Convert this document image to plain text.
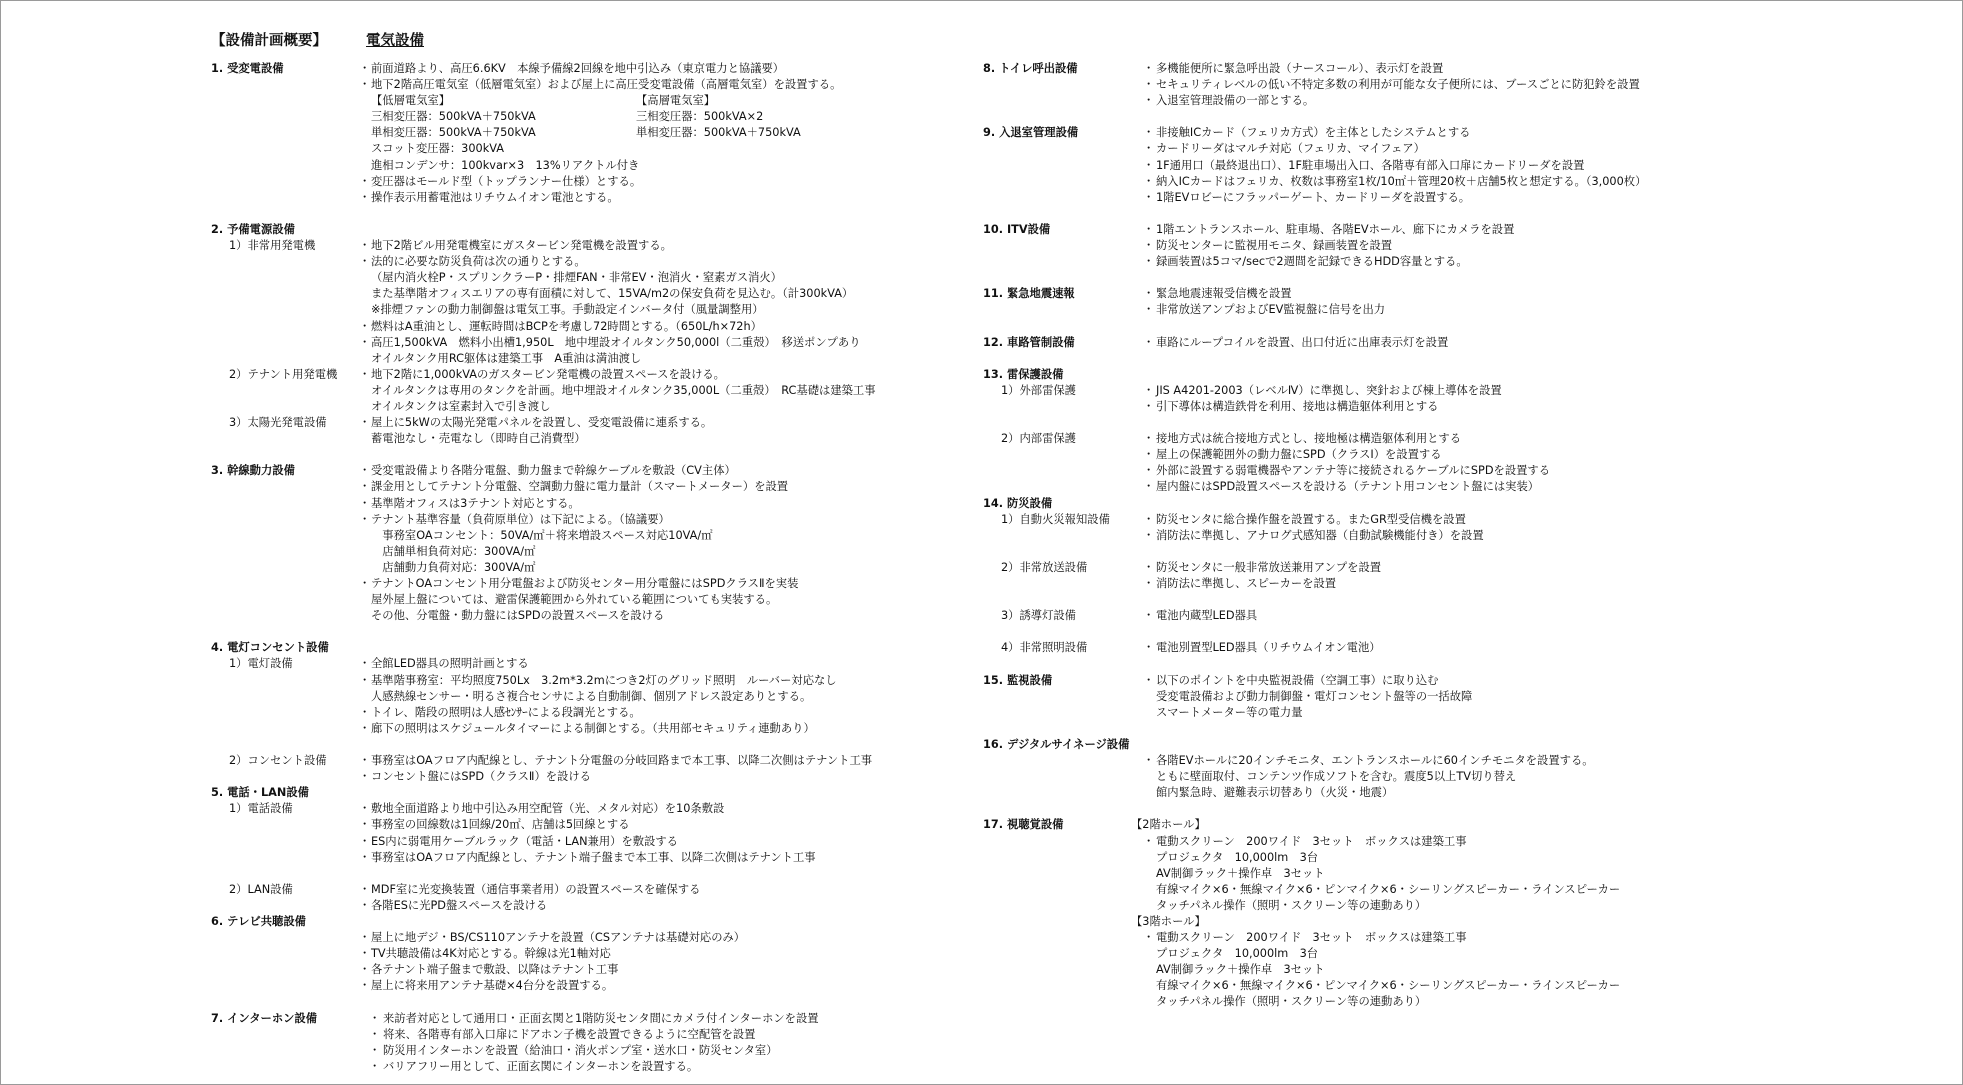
【設備計画概要】	電気設備
1. 受変電設備	・ 前面道路より、高圧6.6KV　本線予備線2回線を地中引込み（東京電力と協議要）
・ 地下2階高圧電気室（低層電気室）および屋上に高圧受変電設備（高層電気室）を設置する。
【低層電気室】	【高層電気室】
三相変圧器：500kVA＋750kVA	三相変圧器：500kVA×2
単相変圧器：500kVA＋750kVA	単相変圧器：500kVA＋750kVA
スコット変圧器：300kVA
進相コンデンサ：100kvar×3　13%リアクトル付き
・ 変圧器はモールド型（トップランナー仕様）とする。
・ 操作表示用蓄電池はリチウムイオン電池とする。
2. 予備電源設備
1）非常用発電機	・ 地下2階ビル用発電機室にガスタービン発電機を設置する。
・ 法的に必要な防災負荷は次の通りとする。
（屋内消火栓P・スプリンクラーP・排煙FAN・非常EV・泡消火・窒素ガス消火）
また基準階オフィスエリアの専有面積に対して、15VA/m2の保安負荷を見込む。（計300kVA）
※排煙ファンの動力制御盤は電気工事。手動設定インバータ付（風量調整用）
・ 燃料はA重油とし、運転時間はBCPを考慮し72時間とする。（650L/h×72h）
・ 高圧1,500kVA　燃料小出槽1,950L　地中埋設オイルタンク50,000l（二重殻）　移送ポンプあり
オイルタンク用RC躯体は建築工事　A重油は満油渡し
2）テナント用発電機 ・ 地下2階に1,000kVAのガスタービン発電機の設置スペースを設ける。
オイルタンクは専用のタンクを計画。地中埋設オイルタンク35,000L（二重殻）　RC基礎は建築工事
オイルタンクは室素封入で引き渡し
3）太陽光発電設備	・ 屋上に5kWの太陽光発電パネルを設置し、受変電設備に連系する。
蓄電池なし・売電なし（即時自己消費型）
3. 幹線動力設備	・ 受変電設備より各階分電盤、動力盤まで幹線ケーブルを敷設（CV主体）
・ 課金用としてテナント分電盤、空調動力盤に電力量計（スマートメーター）を設置
・ 基準階オフィスは3テナント対応とする。
・ テナント基準容量（負荷原単位）は下記による。（協議要）
　事務室OAコンセント：50VA/㎡＋将来増設スペース対応10VA/㎡
　店舗単相負荷対応：300VA/㎡
　店舗動力負荷対応：300VA/㎡
・ テナントOAコンセント用分電盤および防災センター用分電盤にはSPDクラスⅡを実装
屋外屋上盤については、避雷保護範囲から外れている範囲についても実装する。
その他、分電盤・動力盤にはSPDの設置スペースを設ける
4. 電灯コンセント設備
1）電灯設備	・ 全館LED器具の照明計画とする
・ 基準階事務室：平均照度750Lx　3.2m*3.2mにつき2灯のグリッド照明　ルーバー対応なし
人感熱線センサー・明るさ複合センサによる自動制御、個別アドレス設定ありとする。
・ トイレ、階段の照明は人感ｾﾝｻｰによる段調光とする。
・ 廊下の照明はスケジュールタイマーによる制御とする。（共用部セキュリティ連動あり）
2）コンセント設備	・ 事務室はOAフロア内配線とし、テナント分電盤の分岐回路まで本工事、以降二次側はテナント工事
・ コンセント盤にはSPD（クラスⅡ）を設ける
5. 電話・LAN設備
1）電話設備	・ 敷地全面道路より地中引込み用空配管（光、メタル対応）を10条敷設
・ 事務室の回線数は1回線/20㎡、店舗は5回線とする
・ ES内に弱電用ケーブルラック（電話・LAN兼用）を敷設する
・ 事務室はOAフロア内配線とし、テナント端子盤まで本工事、以降二次側はテナント工事
2）LAN設備	・ MDF室に光変換装置（通信事業者用）の設置スペースを確保する
・ 各階ESに光PD盤スペースを設ける
6. テレビ共聴設備
・ 屋上に地デジ・BS/CS110アンテナを設置（CSアンテナは基礎対応のみ）
・ TV共聴設備は4K対応とする。幹線は光1軸対応
・ 各テナント端子盤まで敷設、以降はテナント工事
・ 屋上に将来用アンテナ基礎×4台分を設置する。
7. インターホン設備	・ 来訪者対応として通用口・正面玄関と1階防災センタ間にカメラ付インターホンを設置
・ 将来、各階専有部入口扉にドアホン子機を設置できるように空配管を設置
・ 防災用インターホンを設置（給油口・消火ポンプ室・送水口・防災センタ室）
・ バリアフリー用として、正面玄関にインターホンを設置する。
8. トイレ呼出設備	・ 多機能便所に緊急呼出設（ナースコール）、表示灯を設置
・ セキュリティレベルの低い不特定多数の利用が可能な女子便所には、ブースごとに防犯鈴を設置
・ 入退室管理設備の一部とする。
9. 入退室管理設備	・ 非接触ICカード（フェリカ方式）を主体としたシステムとする
・ カードリーダはマルチ対応（フェリカ、マイフェア）
・ 1F通用口（最終退出口）、1F駐車場出入口、各階専有部入口扉にカードリーダを設置
・ 納入ICカードはフェリカ、枚数は事務室1枚/10㎡＋管理20枚＋店舗5枚と想定する。（3,000枚）
・ 1階EVロビーにフラッパーゲート、カードリーダを設置する。
10. ITV設備	・ 1階エントランスホール、駐車場、各階EVホール、廊下にカメラを設置
・ 防災センターに監視用モニタ、録画装置を設置
・ 録画装置は5コマ/secで2週間を記録できるHDD容量とする。
11. 緊急地震速報	・ 緊急地震速報受信機を設置
・ 非常放送アンプおよびEV監視盤に信号を出力
12. 車路管制設備	・ 車路にループコイルを設置、出口付近に出庫表示灯を設置
13. 雷保護設備
1）外部雷保護	・ JIS A4201-2003（レベルⅣ）に準拠し、突針および棟上導体を設置
・ 引下導体は構造鉄骨を利用、接地は構造躯体利用とする
2）内部雷保護	・ 接地方式は統合接地方式とし、接地極は構造躯体利用とする
・ 屋上の保護範囲外の動力盤にSPD（クラスⅠ）を設置する
・ 外部に設置する弱電機器やアンテナ等に接続されるケーブルにSPDを設置する
・ 屋内盤にはSPD設置スペースを設ける（テナント用コンセント盤には実装）
14. 防災設備
1）自動火災報知設備	・ 防災センタに総合操作盤を設置する。またGR型受信機を設置
・ 消防法に準拠し、アナログ式感知器（自動試験機能付き）を設置
2）非常放送設備	・ 防災センタに一般非常放送兼用アンプを設置
・ 消防法に準拠し、スピーカーを設置
3）誘導灯設備	・ 電池内蔵型LED器具
4）非常照明設備	・ 電池別置型LED器具（リチウムイオン電池）
15. 監視設備	・ 以下のポイントを中央監視設備（空調工事）に取り込む
受変電設備および動力制御盤・電灯コンセント盤等の一括故障
スマートメーター等の電力量
16. デジタルサイネージ設備
・ 各階EVホールに20インチモニタ、エントランスホールに60インチモニタを設置する。
ともに壁面取付、コンテンツ作成ソフトを含む。震度5以上TV切り替え
館内緊急時、避難表示切替あり（火災・地震）
17. 視聴覚設備	【2階ホール】
・ 電動スクリーン　200ワイド　3セット　ボックスは建築工事
プロジェクタ　10,000lm　3台
AV制御ラック＋操作卓　3セット
有線マイク×6・無線マイク×6・ピンマイク×6・シーリングスピーカー・ラインスピーカー
タッチパネル操作（照明・スクリーン等の連動あり）
【3階ホール】
・ 電動スクリーン　200ワイド　3セット　ボックスは建築工事
プロジェクタ　10,000lm　3台
AV制御ラック＋操作卓　3セット
有線マイク×6・無線マイク×6・ピンマイク×6・シーリングスピーカー・ラインスピーカー
タッチパネル操作（照明・スクリーン等の連動あり）
